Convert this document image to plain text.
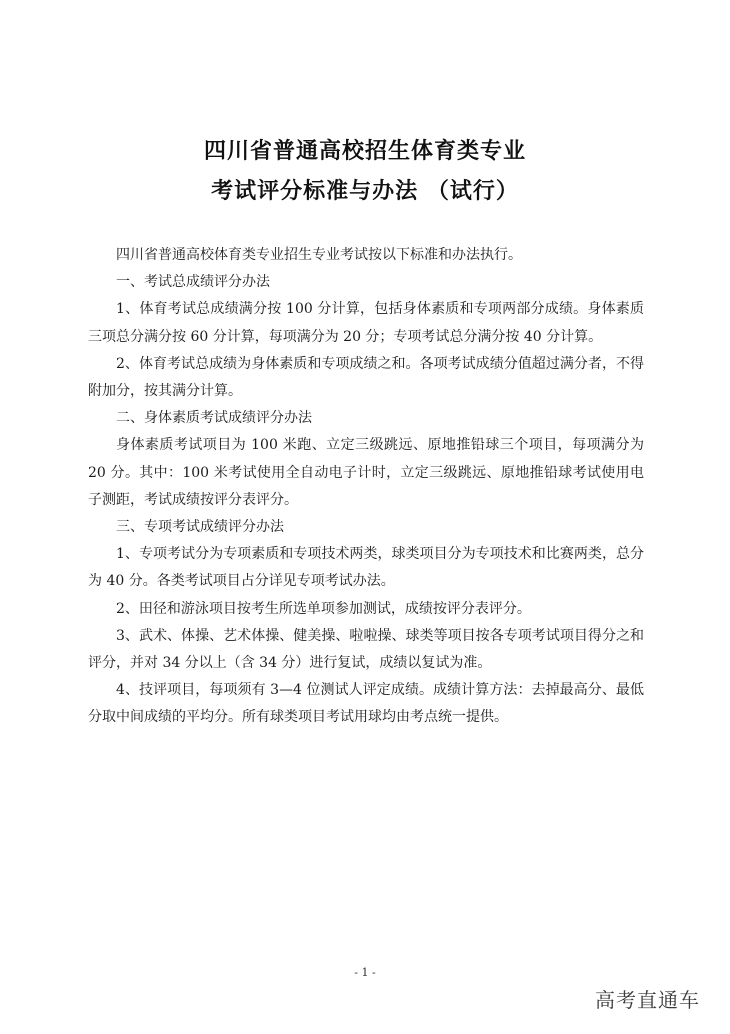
四川省普通高校招生体育类专业
考试评分标准与办法 （试行）

四川省普通高校体育类专业招生专业考试按以下标准和办法执行。

一、考试总成绩评分办法

1、体育考试总成绩满分按 100 分计算，包括身体素质和专项两部分成绩。身体素质三项总分满分按 60 分计算，每项满分为 20 分；专项考试总分满分按 40 分计算。

2、体育考试总成绩为身体素质和专项成绩之和。各项考试成绩分值超过满分者，不得附加分，按其满分计算。

二、身体素质考试成绩评分办法

身体素质考试项目为 100 米跑、立定三级跳远、原地推铅球三个项目，每项满分为 20 分。其中：100 米考试使用全自动电子计时，立定三级跳远、原地推铅球考试使用电子测距，考试成绩按评分表评分。

三、专项考试成绩评分办法

1、专项考试分为专项素质和专项技术两类，球类项目分为专项技术和比赛两类，总分为 40 分。各类考试项目占分详见专项考试办法。

2、田径和游泳项目按考生所选单项参加测试，成绩按评分表评分。

3、武术、体操、艺术体操、健美操、啦啦操、球类等项目按各专项考试项目得分之和评分，并对 34 分以上（含 34 分）进行复试，成绩以复试为准。

4、技评项目，每项须有 3—4 位测试人评定成绩。成绩计算方法：去掉最高分、最低分取中间成绩的平均分。所有球类项目考试用球均由考点统一提供。

- 1 -
高考直通车
